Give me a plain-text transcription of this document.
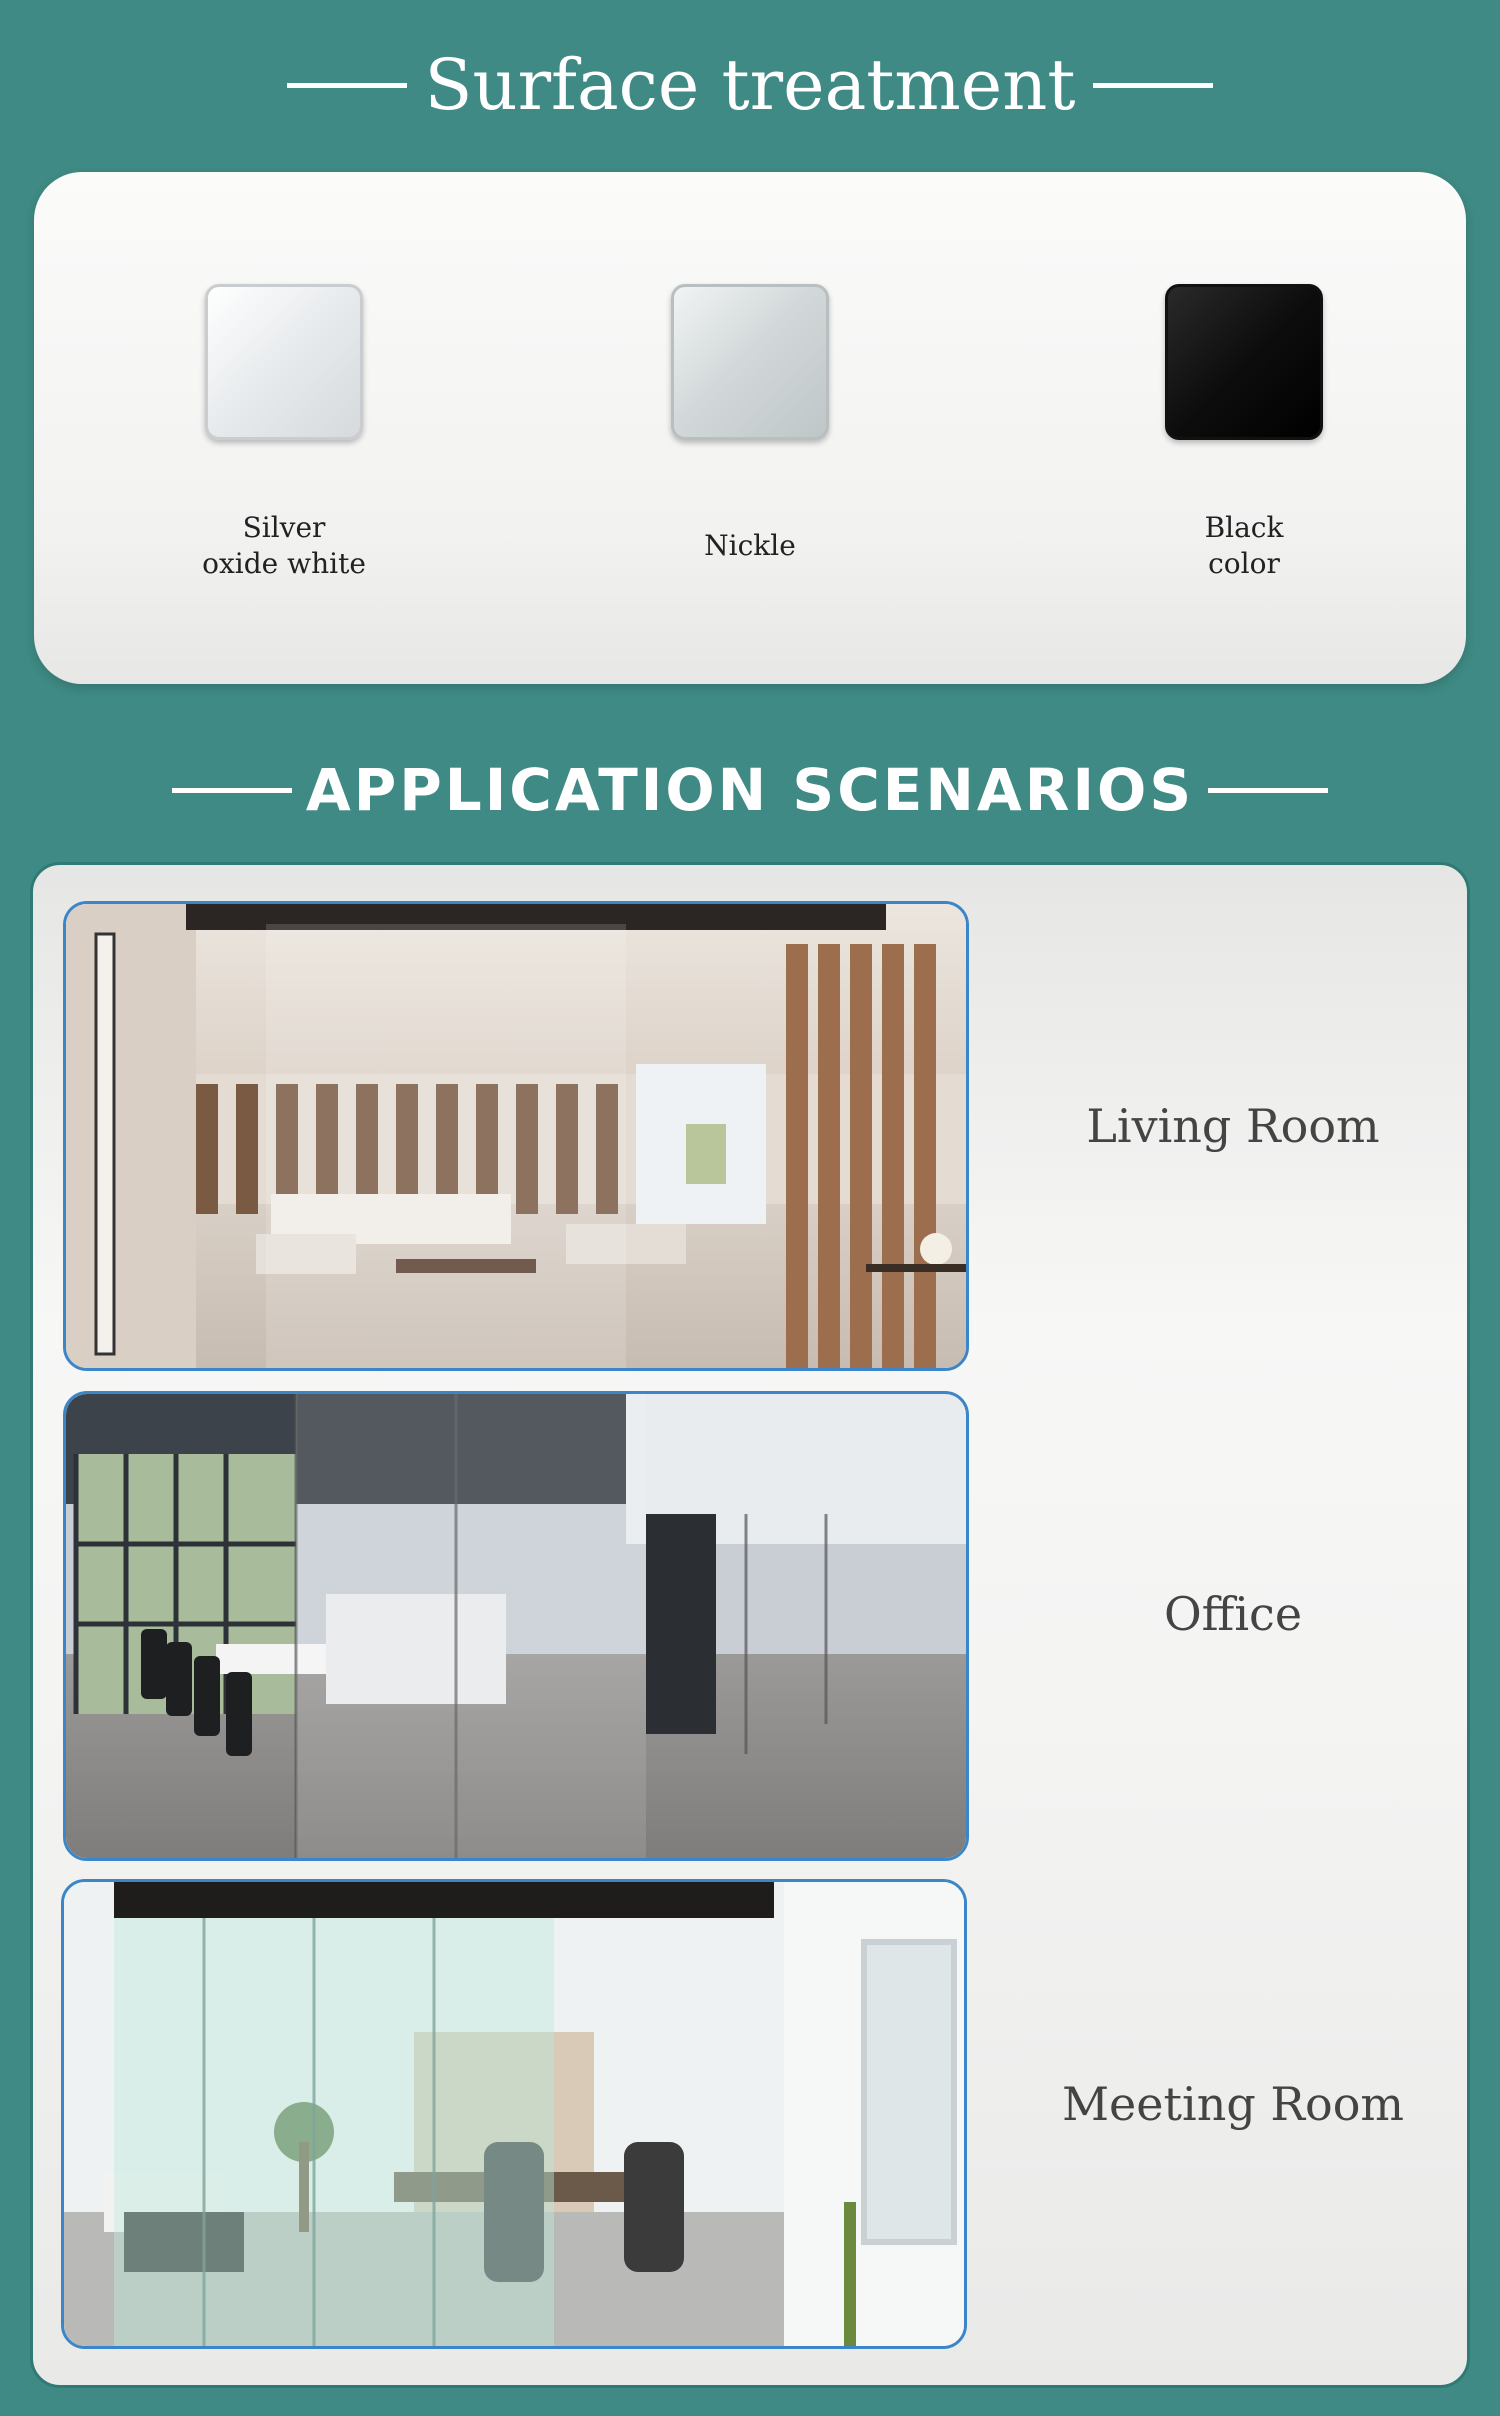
Surface treatment
Silver
oxide white
Nickle
Black
color
APPLICATION SCENARIOS
Living Room
Office
Meeting Room
